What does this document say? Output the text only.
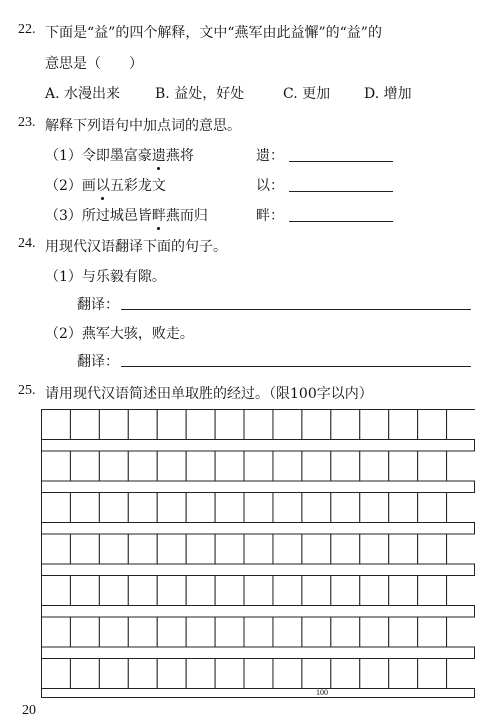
22. 下面是“益”的四个解释，文中“燕军由此益懈”的“益”的
意思是（　　）
A. 水漫出来 B. 益处，好处	C. 更加 D. 增加
23. 解释下列语句中加点词的意思。
（1）令即墨富豪遗燕将	遗：
（2）画以五彩龙文	以：
（3）所过城邑皆畔燕而归	畔：
24. 用现代汉语翻译下面的句子。
（1）与乐毅有隙。
翻译：
（2）燕军大骇，败走。
翻译：
25. 请用现代汉语简述田单取胜的经过。（限100字以内）
100
20
